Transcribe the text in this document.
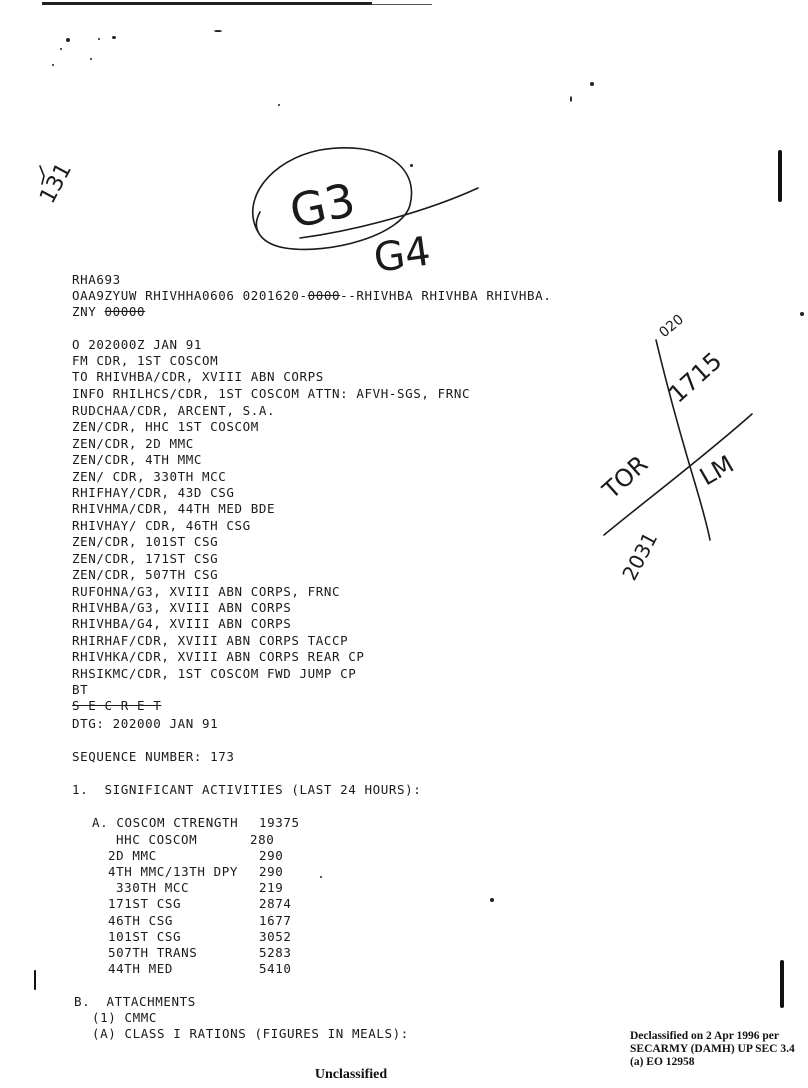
131	G3
G4
TOR
020
1715
2031
LM
RHA693
OAA9ZYUW RHIVHHA0606 0201620-0000--RHIVHBA RHIVHBA RHIVHBA.
ZNY 00000
O 202000Z JAN 91
FM CDR, 1ST COSCOM
TO RHIVHBA/CDR, XVIII ABN CORPS
INFO RHILHCS/CDR, 1ST COSCOM ATTN: AFVH-SGS, FRNC
RUDCHAA/CDR, ARCENT, S.A.
ZEN/CDR, HHC 1ST COSCOM
ZEN/CDR, 2D MMC
ZEN/CDR, 4TH MMC
ZEN/ CDR, 330TH MCC
RHIFHAY/CDR, 43D CSG
RHIVHMA/CDR, 44TH MED BDE
RHIVHAY/ CDR, 46TH CSG
ZEN/CDR, 101ST CSG
ZEN/CDR, 171ST CSG
ZEN/CDR, 507TH CSG
RUFOHNA/G3, XVIII ABN CORPS, FRNC
RHIVHBA/G3, XVIII ABN CORPS
RHIVHBA/G4, XVIII ABN CORPS
RHIRHAF/CDR, XVIII ABN CORPS TACCP
RHIVHKA/CDR, XVIII ABN CORPS REAR CP
RHSIKMC/CDR, 1ST COSCOM FWD JUMP CP
BT
S E C R E T
DTG: 202000 JAN 91
SEQUENCE NUMBER: 173
1.  SIGNIFICANT ACTIVITIES (LAST 24 HOURS):
A. COSCOM CTRENGTH 19375
HHC COSCOM	280
2D MMC	290
4TH MMC/13TH DPY 290
330TH MCC	219
171ST CSG	2874
46TH CSG	1677
101ST CSG	3052
507TH TRANS	5283
44TH MED	5410
B.  ATTACHMENTS
(1) CMMC
(A) CLASS I RATIONS (FIGURES IN MEALS):	Declassified on 2 Apr 1996 per
SECARMY (DAMH) UP SEC 3.4
(a) EO 12958
Unclassified
